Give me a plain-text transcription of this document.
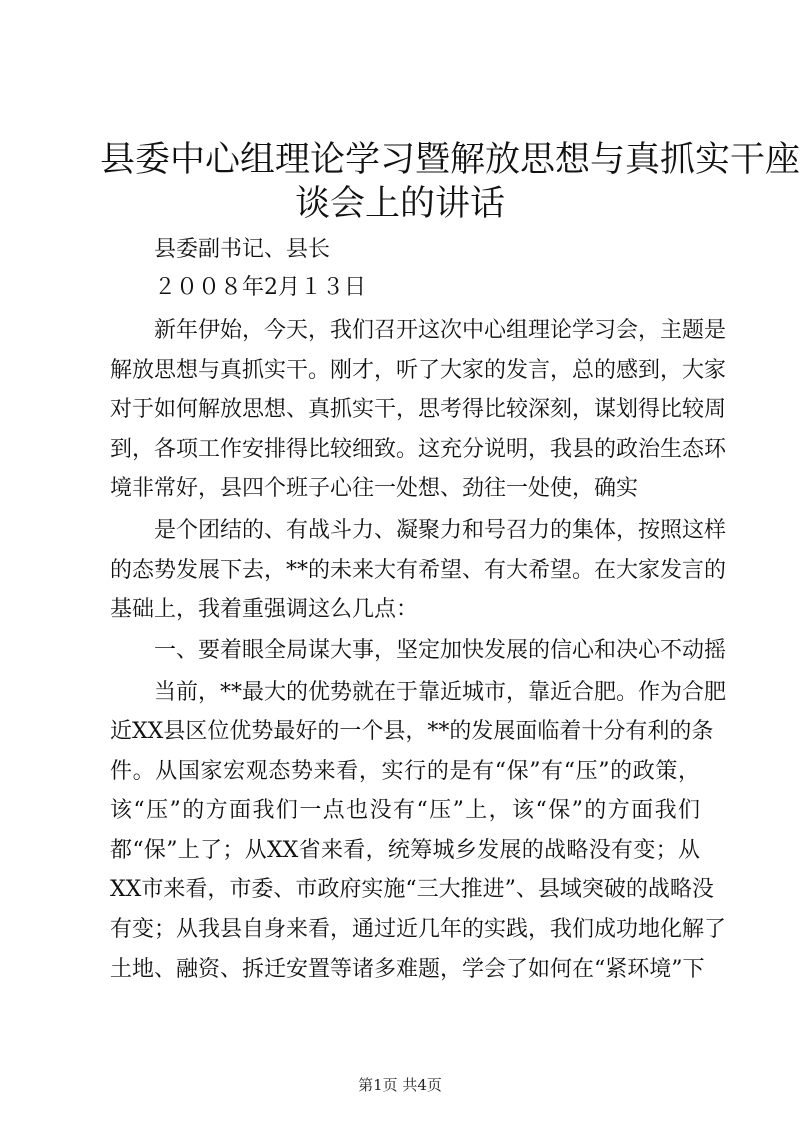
县委中心组理论学习暨解放思想与真抓实干座
谈会上的讲话

县委副书记、县长

２００８年2月１３日

新年伊始，今天，我们召开这次中心组理论学习会，主题是

解放思想与真抓实干。刚才，听了大家的发言，总的感到，大家

对于如何解放思想、真抓实干，思考得比较深刻，谋划得比较周

到，各项工作安排得比较细致。这充分说明，我县的政治生态环

境非常好，县四个班子心往一处想、劲往一处使，确实

是个团结的、有战斗力、凝聚力和号召力的集体，按照这样

的态势发展下去，**的未来大有希望、有大希望。在大家发言的

基础上，我着重强调这么几点：

一、要着眼全局谋大事，坚定加快发展的信心和决心不动摇

当前，**最大的优势就在于靠近城市，靠近合肥。作为合肥

近XX县区位优势最好的一个县，**的发展面临着十分有利的条

件。从国家宏观态势来看，实行的是有“保”有“压”的政策，

该“压”的方面我们一点也没有“压”上，该“保”的方面我们

都“保”上了；从XX省来看，统筹城乡发展的战略没有变；从

XX市来看，市委、市政府实施“三大推进”、县域突破的战略没

有变；从我县自身来看，通过近几年的实践，我们成功地化解了

土地、融资、拆迁安置等诸多难题，学会了如何在“紧环境”下

第1页 共4页
